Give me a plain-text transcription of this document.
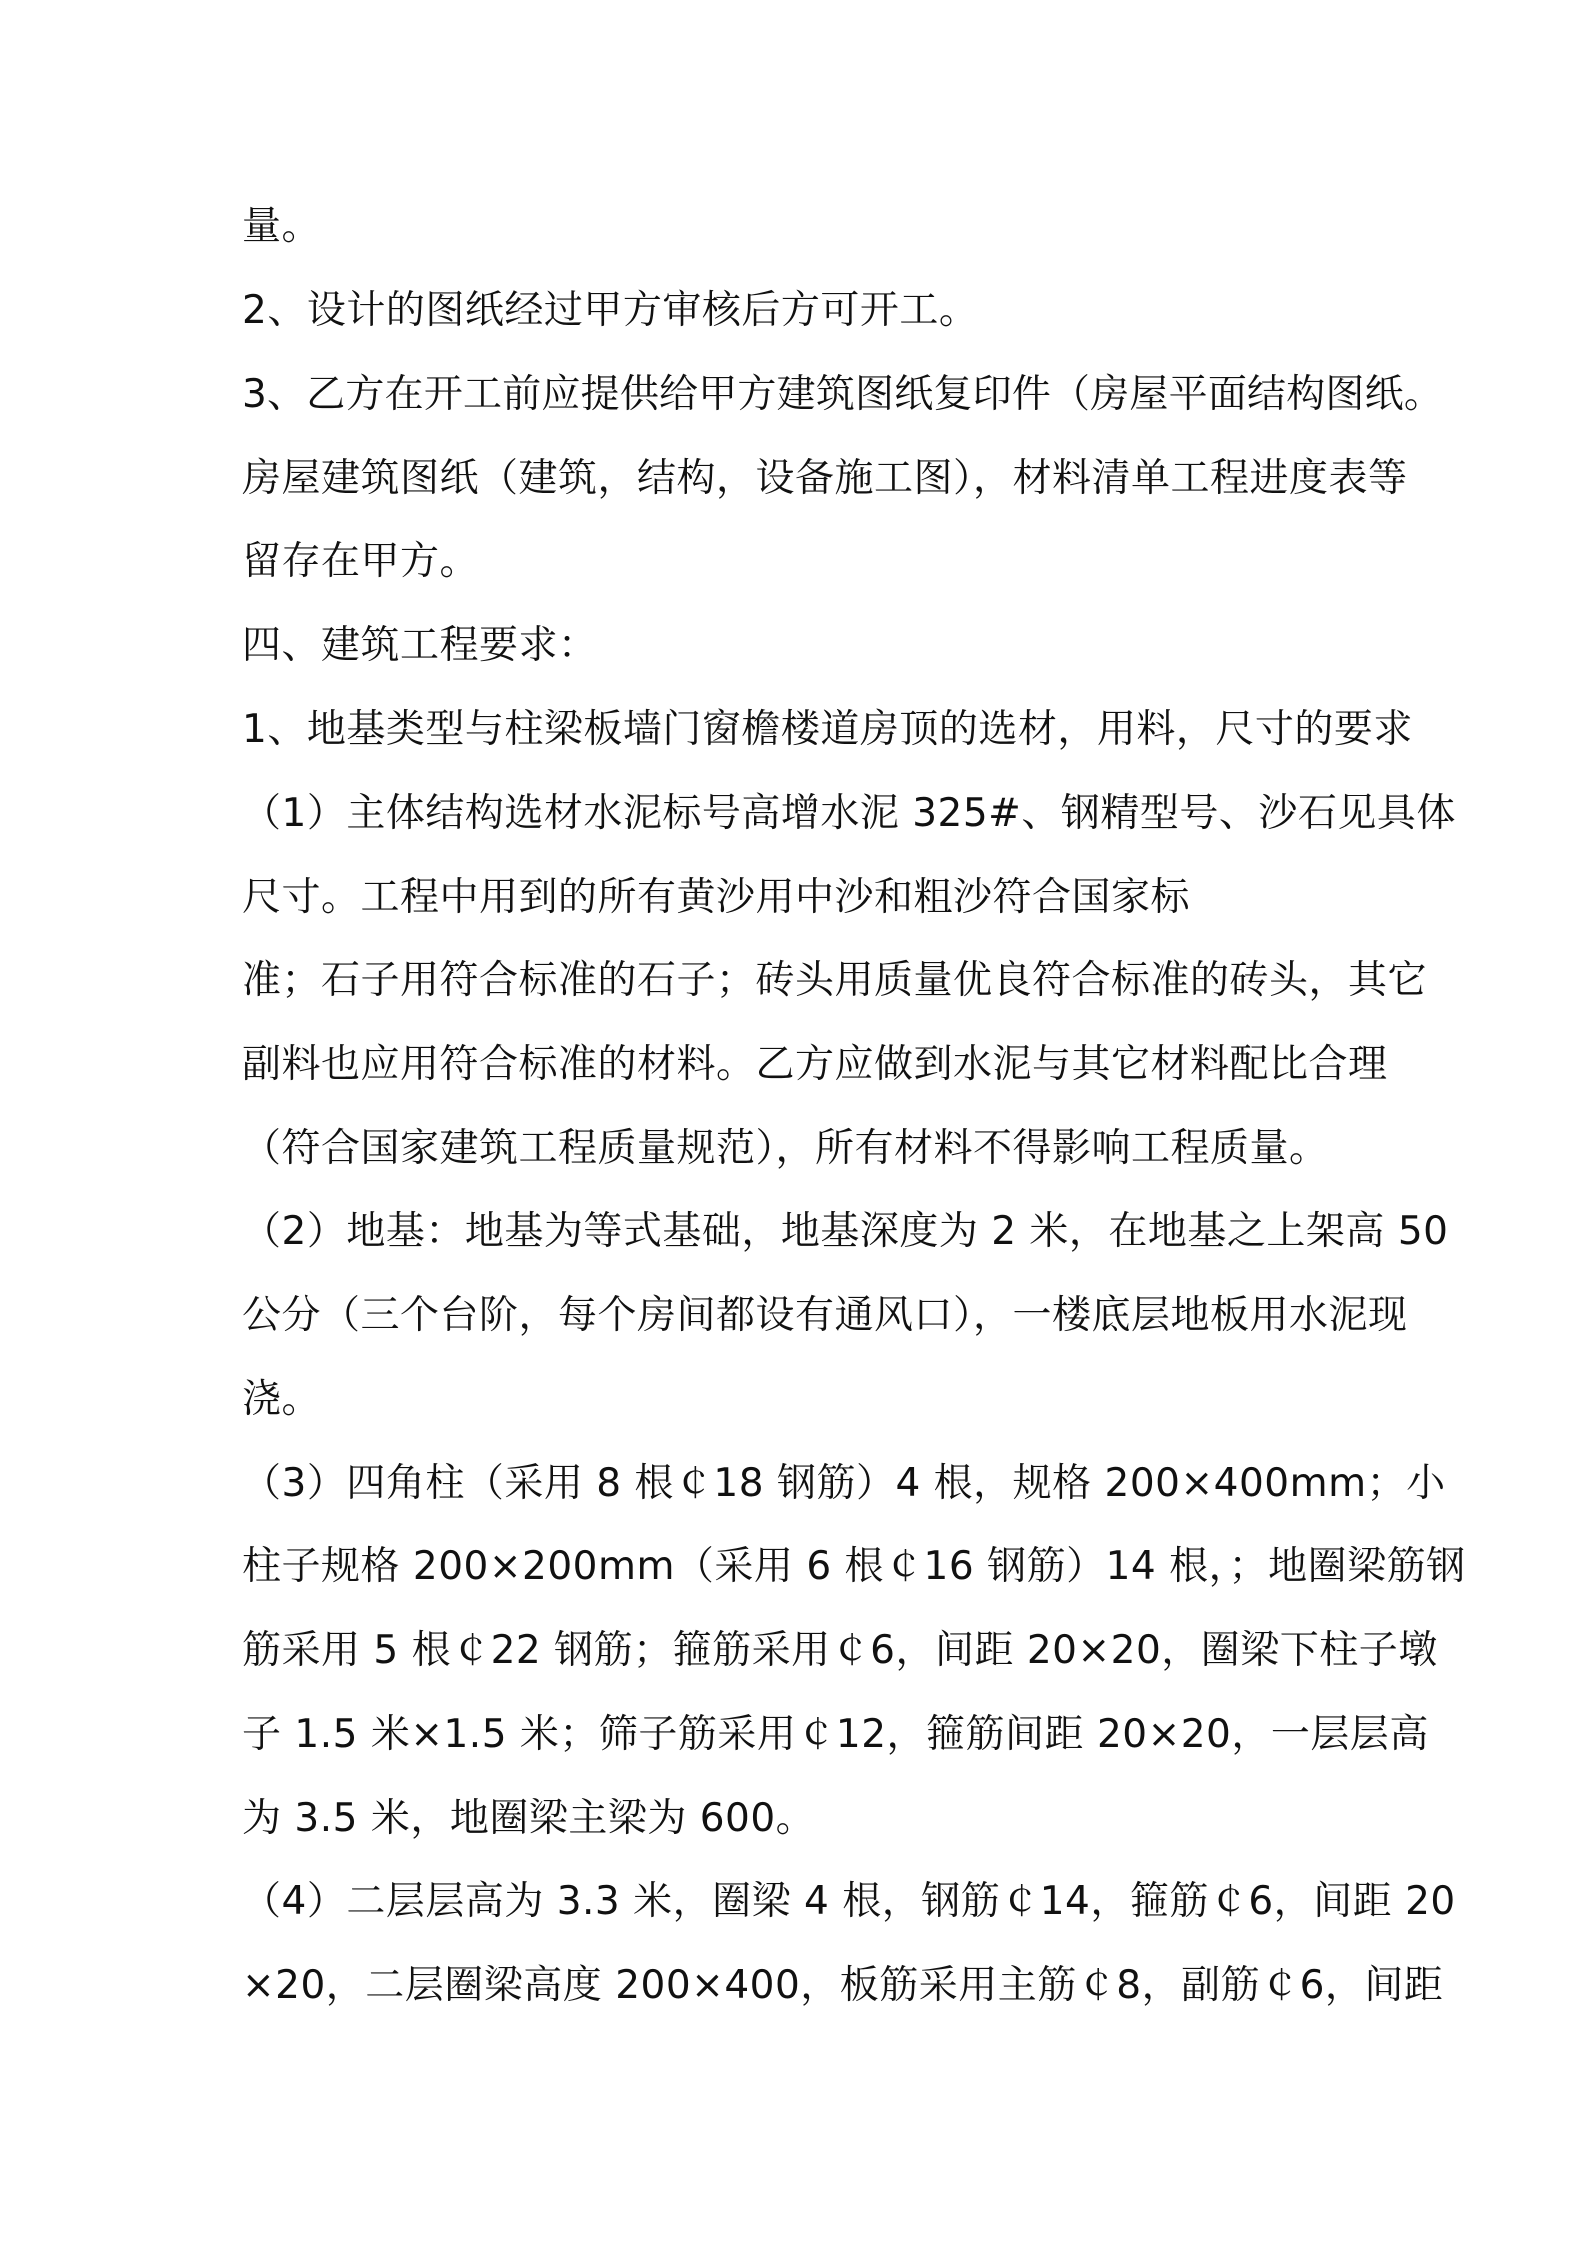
量。
2、设计的图纸经过甲方审核后方可开工。
3、乙方在开工前应提供给甲方建筑图纸复印件（房屋平面结构图纸。
房屋建筑图纸（建筑，结构，设备施工图），材料清单工程进度表等
留存在甲方。
四、建筑工程要求：
1、地基类型与柱梁板墙门窗檐楼道房顶的选材，用料，尺寸的要求
（1）主体结构选材水泥标号高增水泥 325#、钢精型号、沙石见具体
尺寸。工程中用到的所有黄沙用中沙和粗沙符合国家标
准；石子用符合标准的石子；砖头用质量优良符合标准的砖头，其它
副料也应用符合标准的材料。乙方应做到水泥与其它材料配比合理
（符合国家建筑工程质量规范），所有材料不得影响工程质量。
（2）地基：地基为等式基础，地基深度为 2 米，在地基之上架高 50
公分（三个台阶，每个房间都设有通风口），一楼底层地板用水泥现
浇。
（3）四角柱（采用 8 根￠18 钢筋）4 根，规格 200×400mm；小
柱子规格 200×200mm（采用 6 根￠16 钢筋）14 根，；地圈梁筋钢
筋采用 5 根￠22 钢筋；箍筋采用￠6，间距 20×20，圈梁下柱子墩
子 1.5 米×1.5 米；筛子筋采用￠12，箍筋间距 20×20，一层层高
为 3.5 米，地圈梁主梁为 600。
（4）二层层高为 3.3 米，圈梁 4 根，钢筋￠14，箍筋￠6，间距 20
×20，二层圈梁高度 200×400，板筋采用主筋￠8，副筋￠6，间距
